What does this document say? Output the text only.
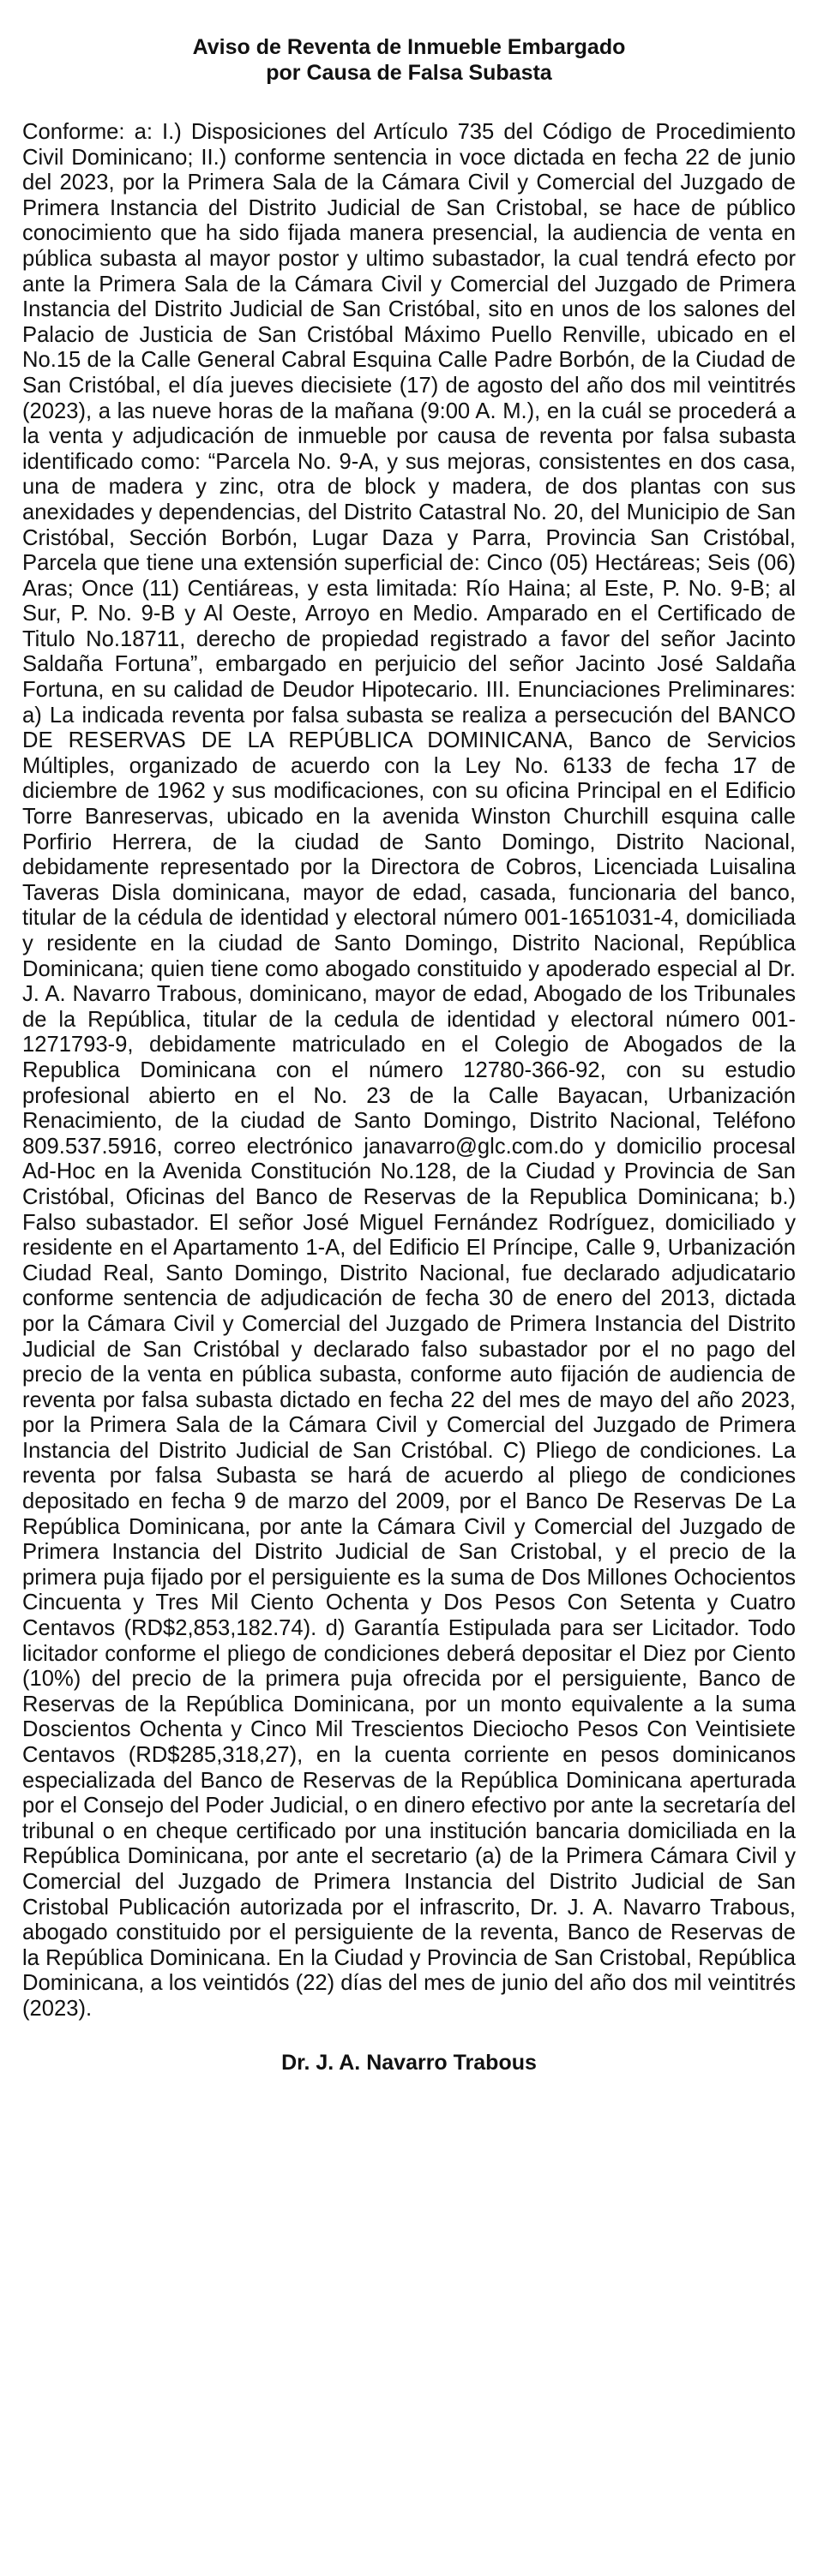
Aviso de Reventa de Inmueble Embargado
por Causa de Falsa Subasta

Conforme: a: I.) Disposiciones del Artículo 735 del Código de Procedimiento Civil Dominicano; II.) conforme sentencia in voce dictada en fecha 22 de junio del 2023, por la Primera Sala de la Cámara Civil y Comercial del Juzgado de Primera Instancia del Distrito Judicial de San Cristobal, se hace de público conocimiento que ha sido fijada manera presencial, la audiencia de venta en pública subasta al mayor postor y ultimo subastador, la cual tendrá efecto por ante la Primera Sala de la Cámara Civil y Comercial del Juzgado de Primera Instancia del Distrito Judicial de San Cristóbal, sito en unos de los salones del Palacio de Justicia de San Cristóbal Máximo Puello Renville, ubicado en el No.15 de la Calle General Cabral Esquina Calle Padre Borbón, de la Ciudad de San Cristóbal, el día jueves diecisiete (17) de agosto del año dos mil veintitrés (2023), a las nueve horas de la mañana (9:00 A. M.), en la cuál se procederá a la venta y adjudicación de inmueble por causa de reventa por falsa subasta identificado como: “Parcela No. 9-A, y sus mejoras, consistentes en dos casa, una de madera y zinc, otra de block y madera, de dos plantas con sus anexidades y dependencias, del Distrito Catastral No. 20, del Municipio de San Cristóbal, Sección Borbón, Lugar Daza y Parra, Provincia San Cristóbal, Parcela que tiene una extensión superficial de: Cinco (05) Hectáreas; Seis (06) Aras; Once (11) Centiáreas, y esta limitada: Río Haina; al Este, P. No. 9-B; al Sur, P. No. 9-B y Al Oeste, Arroyo en Medio. Amparado en el Certificado de Titulo No.18711, derecho de propiedad registrado a favor del señor Jacinto Saldaña Fortuna”, embargado en perjuicio del señor Jacinto José Saldaña Fortuna, en su calidad de Deudor Hipotecario. III. Enunciaciones Preliminares: a) La indicada reventa por falsa subasta se realiza a persecución del BANCO DE RESERVAS DE LA REPÚBLICA DOMINICANA, Banco de Servicios Múltiples, organizado de acuerdo con la Ley No. 6133 de fecha 17 de diciembre de 1962 y sus modificaciones, con su oficina Principal en el Edificio Torre Banreservas, ubicado en la avenida Winston Churchill esquina calle Porfirio Herrera, de la ciudad de Santo Domingo, Distrito Nacional, debidamente representado por la Directora de Cobros, Licenciada Luisalina Taveras Disla dominicana, mayor de edad, casada, funcionaria del banco, titular de la cédula de identidad y electoral número 001-1651031-4, domiciliada y residente en la ciudad de Santo Domingo, Distrito Nacional, República Dominicana; quien tiene como abogado constituido y apoderado especial al Dr. J. A. Navarro Trabous, dominicano, mayor de edad, Abogado de los Tribunales de la República, titular de la cedula de identidad y electoral número 001-1271793-9, debidamente matriculado en el Colegio de Abogados de la Republica Dominicana con el número 12780-366-92, con su estudio profesional abierto en el No. 23 de la Calle Bayacan, Urbanización Renacimiento, de la ciudad de Santo Domingo, Distrito Nacional, Teléfono 809.537.5916, correo electrónico janavarro@glc.com.do y domicilio procesal Ad-Hoc en la Avenida Constitución No.128, de la Ciudad y Provincia de San Cristóbal, Oficinas del Banco de Reservas de la Republica Dominicana; b.) Falso subastador. El señor José Miguel Fernández Rodríguez, domiciliado y residente en el Apartamento 1-A, del Edificio El Príncipe, Calle 9, Urbanización Ciudad Real, Santo Domingo, Distrito Nacional, fue declarado adjudicatario conforme sentencia de adjudicación de fecha 30 de enero del 2013, dictada por la Cámara Civil y Comercial del Juzgado de Primera Instancia del Distrito Judicial de San Cristóbal y declarado falso subastador por el no pago del precio de la venta en pública subasta, conforme auto fijación de audiencia de reventa por falsa subasta dictado en fecha 22 del mes de mayo del año 2023, por la Primera Sala de la Cámara Civil y Comercial del Juzgado de Primera Instancia del Distrito Judicial de San Cristóbal. C) Pliego de condiciones. La reventa por falsa Subasta se hará de acuerdo al pliego de condiciones depositado en fecha 9 de marzo del 2009, por el Banco De Reservas De La República Dominicana, por ante la Cámara Civil y Comercial del Juzgado de Primera Instancia del Distrito Judicial de San Cristobal, y el precio de la primera puja fijado por el persiguiente es la suma de Dos Millones Ochocientos Cincuenta y Tres Mil Ciento Ochenta y Dos Pesos Con Setenta y Cuatro Centavos (RD$2,853,182.74). d) Garantía Estipulada para ser Licitador. Todo licitador conforme el pliego de condiciones deberá depositar el Diez por Ciento (10%) del precio de la primera puja ofrecida por el persiguiente, Banco de Reservas de la República Dominicana, por un monto equivalente a la suma Doscientos Ochenta y Cinco Mil Trescientos Dieciocho Pesos Con Veintisiete Centavos (RD$285,318,27), en la cuenta corriente en pesos dominicanos especializada del Banco de Reservas de la República Dominicana aperturada por el Consejo del Poder Judicial, o en dinero efectivo por ante la secretaría del tribunal o en cheque certificado por una institución bancaria domiciliada en la República Dominicana, por ante el secretario (a) de la Primera Cámara Civil y Comercial del Juzgado de Primera Instancia del Distrito Judicial de San Cristobal Publicación autorizada por el infrascrito, Dr. J. A. Navarro Trabous, abogado constituido por el persiguiente de la reventa, Banco de Reservas de la República Dominicana. En la Ciudad y Provincia de San Cristobal, República Dominicana, a los veintidós (22) días del mes de junio del año dos mil veintitrés (2023).

Dr. J. A. Navarro Trabous
